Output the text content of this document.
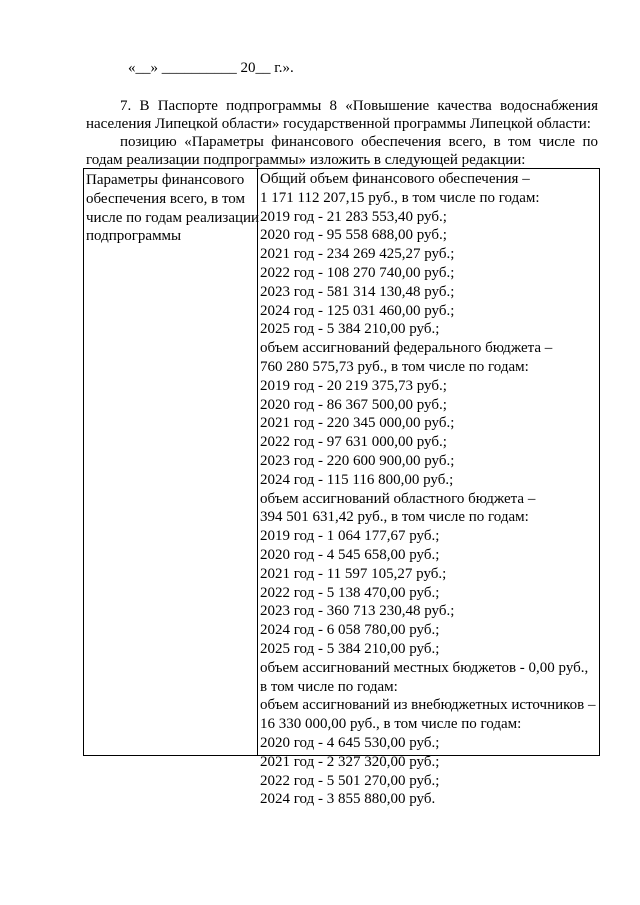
«__» __________ 20__ г.».
7. В Паспорте подпрограммы 8 «Повышение качества водоснабжения населения Липецкой области» государственной программы Липецкой области:
позицию «Параметры финансового обеспечения всего, в том числе по годам реализации подпрограммы» изложить в следующей редакции:
Параметры финансового
обеспечения всего, в том
числе по годам реализации
подпрограммы
Общий объем финансового обеспечения –
1 171 112 207,15 руб., в том числе по годам:
2019 год - 21 283 553,40 руб.;
2020 год - 95 558 688,00 руб.;
2021 год - 234 269 425,27 руб.;
2022 год - 108 270 740,00 руб.;
2023 год - 581 314 130,48 руб.;
2024 год - 125 031 460,00 руб.;
2025 год - 5 384 210,00 руб.;
объем ассигнований федерального бюджета –
760 280 575,73 руб., в том числе по годам:
2019 год - 20 219 375,73 руб.;
2020 год - 86 367 500,00 руб.;
2021 год - 220 345 000,00 руб.;
2022 год - 97 631 000,00 руб.;
2023 год - 220 600 900,00 руб.;
2024 год - 115 116 800,00 руб.;
объем ассигнований областного бюджета –
394 501 631,42 руб., в том числе по годам:
2019 год - 1 064 177,67 руб.;
2020 год - 4 545 658,00 руб.;
2021 год - 11 597 105,27 руб.;
2022 год - 5 138 470,00 руб.;
2023 год - 360 713 230,48 руб.;
2024 год - 6 058 780,00 руб.;
2025 год - 5 384 210,00 руб.;
объем ассигнований местных бюджетов - 0,00 руб.,
в том числе по годам:
объем ассигнований из внебюджетных источников –
16 330 000,00 руб., в том числе по годам:
2020 год - 4 645 530,00 руб.;
2021 год - 2 327 320,00 руб.;
2022 год - 5 501 270,00 руб.;
2024 год - 3 855 880,00 руб.
